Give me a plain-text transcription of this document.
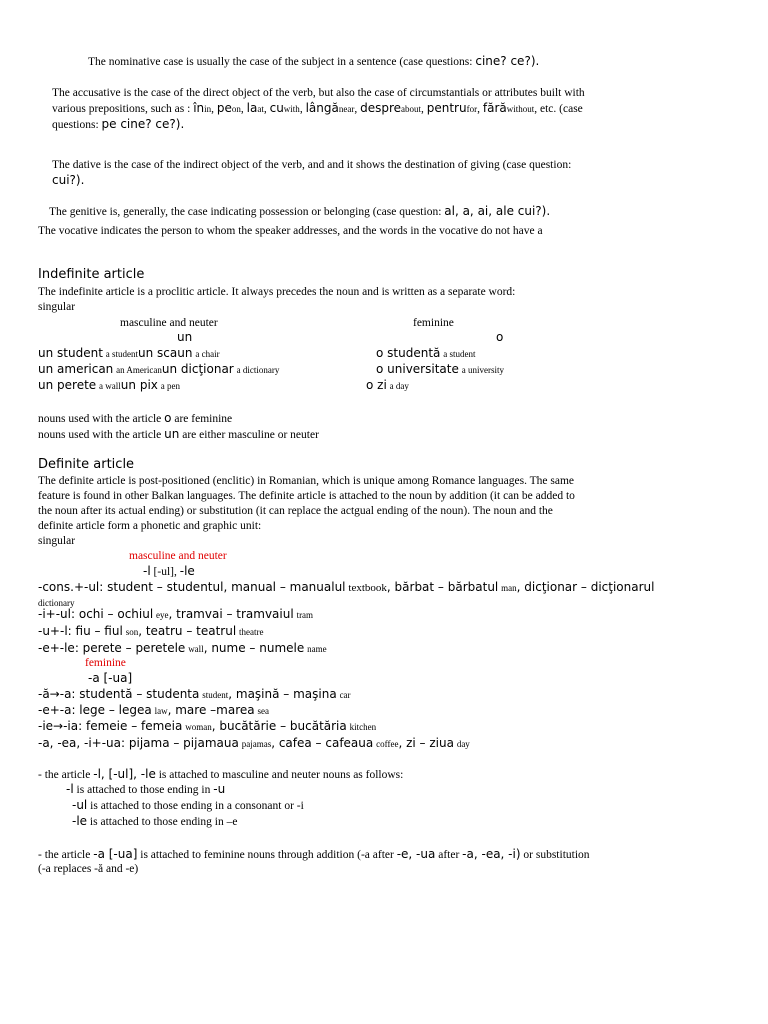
The nominative case is usually the case of the subject in a sentence (case questions: cine? ce?).
The accusative is the case of the direct object of the verb, but also the case of circumstantials or attributes built with
various prepositions, such as : înin, peon, laat, cuwith, lângănear, despreabout, pentrufor, fărăwithout, etc. (case
questions: pe cine? ce?).
The dative is the case of the indirect object of the verb, and and it shows the destination of giving (case question:
cui?).
The genitive is, generally, the case indicating possession or belonging (case question: al, a, ai, ale cui?).
The vocative indicates the person to whom the speaker addresses, and the words in the vocative do not have a
Indefinite article
The indefinite article is a proclitic article. It always precedes the noun and is written as a separate word:
singular
masculine and neuter	feminine
un	o
un student a studentun scaun a chair	o studentă a student
un american an Americanun dicţionar a dictionary	o universitate a university
un perete a wallun pix a pen	o zi a day
nouns used with the article o are feminine
nouns used with the article un are either masculine or neuter
Definite article
The definite article is post-positioned (enclitic) in Romanian, which is unique among Romance languages. The same
feature is found in other Balkan languages. The definite article is attached to the noun by addition (it can be added to
the noun after its actual ending) or substitution (it can replace the actgual ending of the noun). The noun and the
definite article form a phonetic and graphic unit:
singular
masculine and neuter
-l [-ul], -le
-cons.+-ul: student – studentul, manual – manualul textbook, bărbat – bărbatul man, dicţionar – dicţionarul
dictionary
-i+-ul: ochi – ochiul eye, tramvai – tramvaiul tram
-u+-l: fiu – fiul son, teatru – teatrul theatre
-e+-le: perete – peretele wall, nume – numele name
feminine
-a [-ua]
-ă→-a: studentă – studenta student, maşină – maşina car
-e+-a: lege – legea law, mare –marea sea
-ie→-ia: femeie – femeia woman, bucătărie – bucătăria kitchen
-a, -ea, -i+-ua: pijama – pijamaua pajamas, cafea – cafeaua coffee, zi – ziua day
- the article -l, [-ul], -le is attached to masculine and neuter nouns as follows:
-l is attached to those ending in -u
-ul is attached to those ending in a consonant or -i
-le is attached to those ending in –e
- the article -a [-ua] is attached to feminine nouns through addition (-a after -e, -ua after -a, -ea, -i) or substitution
(-a replaces -ă and -e)
